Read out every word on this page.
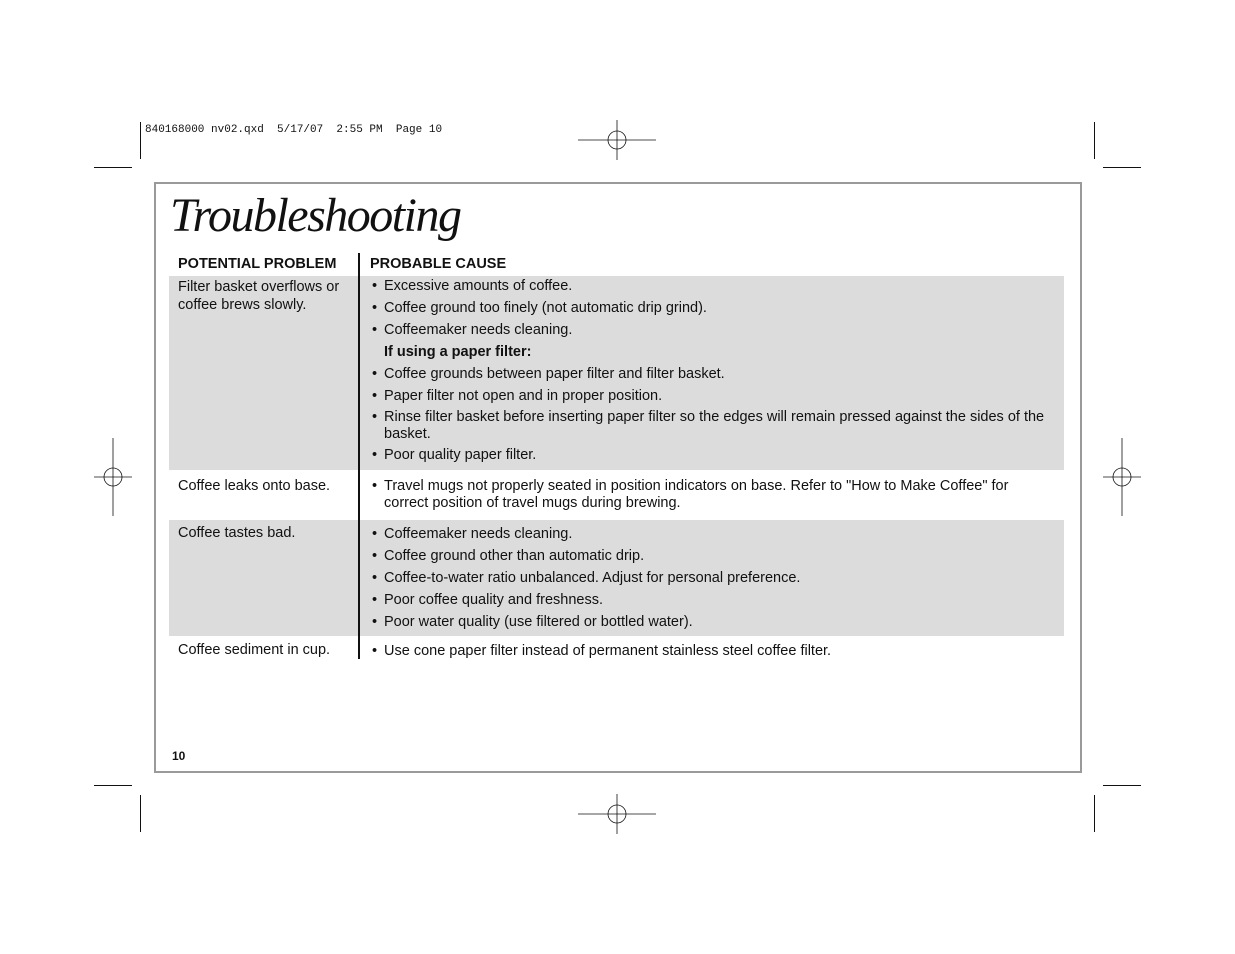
840168000 nv02.qxd  5/17/07  2:55 PM  Page 10
Troubleshooting
POTENTIAL PROBLEM PROBABLE CAUSE
Filter basket overflows or coffee brews slowly.
• Excessive amounts of coffee.
• Coffee ground too finely (not automatic drip grind).
• Coffeemaker needs cleaning.
If using a paper filter:
• Coffee grounds between paper filter and filter basket.
• Paper filter not open and in proper position.
• Rinse filter basket before inserting paper filter so the edges will remain pressed against the sides of the basket.
• Poor quality paper filter.
Coffee leaks onto base.	• Travel mugs not properly seated in position indicators on base. Refer to "How to Make Coffee" for correct position of travel mugs during brewing.
Coffee tastes bad.	• Coffeemaker needs cleaning.
• Coffee ground other than automatic drip.
• Coffee-to-water ratio unbalanced. Adjust for personal preference.
• Poor coffee quality and freshness.
• Poor water quality (use filtered or bottled water).
Coffee sediment in cup.	• Use cone paper filter instead of permanent stainless steel coffee filter.
10
